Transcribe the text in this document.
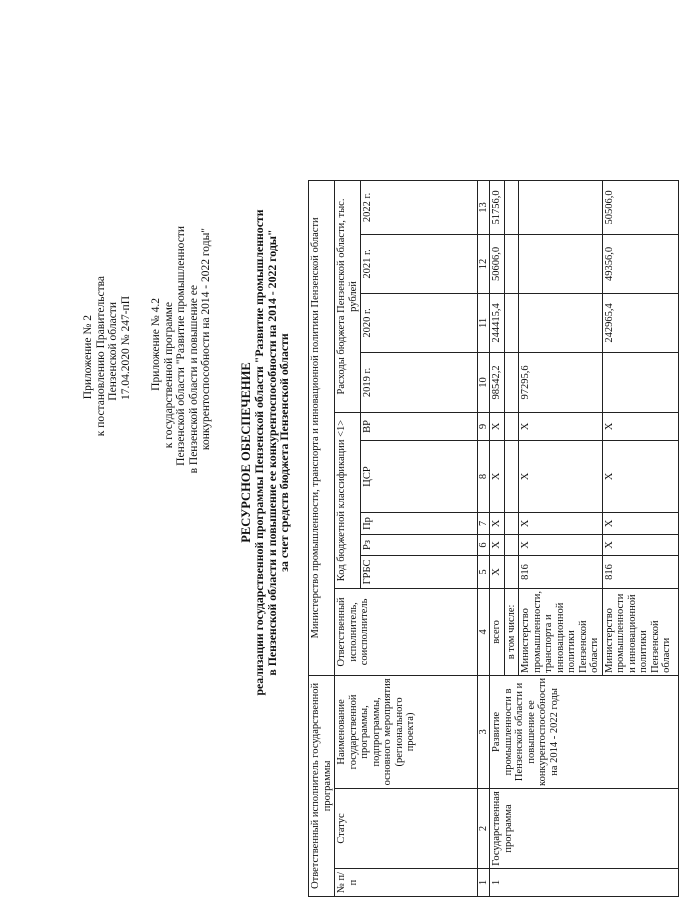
Приложение № 2 к постановлению Правительства Пензенской области 17.04.2020 № 247-пП Приложение № 4.2 к государственной программе Пензенской области "Развитие промышленности в Пензенской области и повышение ее конкурентоспособности на 2014 - 2022 годы"
РЕСУРСНОЕ ОБЕСПЕЧЕНИЕ реализации государственной программы Пензенской области "Развитие промышленности
в Пензенской области и повышение ее конкурентоспособности на 2014 - 2022 годы"
за счет средств бюджета Пензенской области
Ответственный исполнитель государственной программы			Министерство промышленности, транспорта и инновационной политики Пензенской области									
№ п/п	Статус	Наименование государственной программы, подпрограммы, основного мероприятия (регионального проекта)	Ответственный исполнитель, соисполнитель	Код бюджетной классификации <1>					Расходы бюджета Пензенской области, тыс. рублей			
				ГРБС	Рз	Пр	ЦСР	ВР	2019 г.	2020 г.	2021 г.	2022 г.
1	2	3	4	5	6	7	8	9	10	11	12	13
1	Государственная программа	Развитие промышленности в Пензенской области и повышение ее конкурентоспособности на 2014 - 2022 годы	всего	X	X	X	X	X	98542,2	244415,4	50606,0	51756,0
			в том числе:									
			Министерство промышленности, транспорта и инновационной политики Пензенской области	816	X	X	X	X	97295,6			
			Министерство промышленности и инновационной политики Пензенской области	816	X	X	X	X		242965,4	49356,0	50506,0
